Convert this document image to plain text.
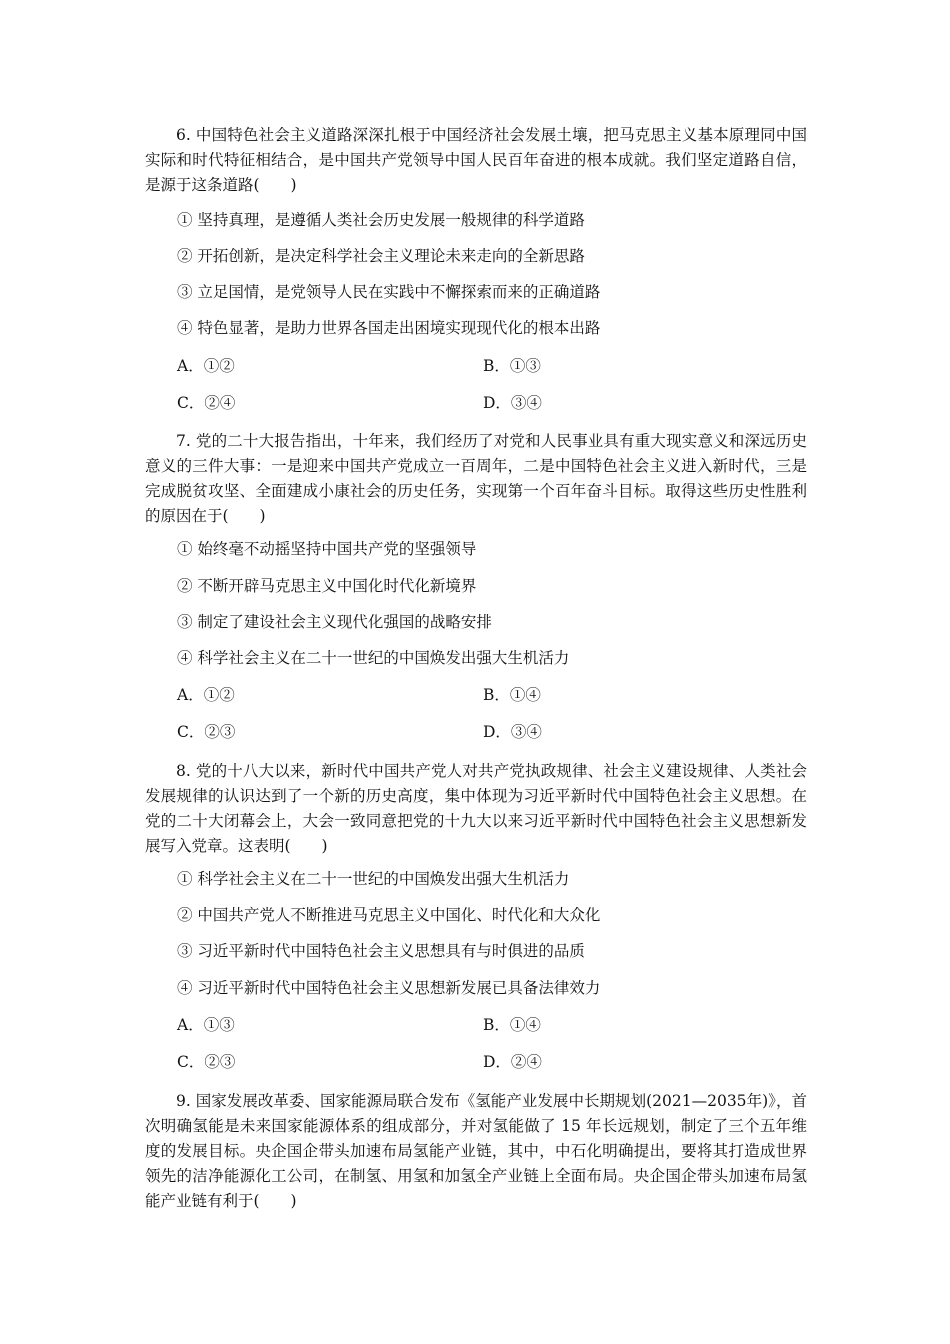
6. 中国特色社会主义道路深深扎根于中国经济社会发展土壤，把马克思主义基本原理同中国实际和时代特征相结合，是中国共产党领导中国人民百年奋进的根本成就。我们坚定道路自信，是源于这条道路(　　)

① 坚持真理，是遵循人类社会历史发展一般规律的科学道路
② 开拓创新，是决定科学社会主义理论未来走向的全新思路
③ 立足国情，是党领导人民在实践中不懈探索而来的正确道路
④ 特色显著，是助力世界各国走出困境实现现代化的根本出路
A．①②	B．①③
C．②④	D．③④

7. 党的二十大报告指出，十年来，我们经历了对党和人民事业具有重大现实意义和深远历史意义的三件大事：一是迎来中国共产党成立一百周年，二是中国特色社会主义进入新时代，三是完成脱贫攻坚、全面建成小康社会的历史任务，实现第一个百年奋斗目标。取得这些历史性胜利的原因在于(　　)

① 始终毫不动摇坚持中国共产党的坚强领导
② 不断开辟马克思主义中国化时代化新境界
③ 制定了建设社会主义现代化强国的战略安排
④ 科学社会主义在二十一世纪的中国焕发出强大生机活力
A．①②	B．①④
C．②③	D．③④

8. 党的十八大以来，新时代中国共产党人对共产党执政规律、社会主义建设规律、人类社会发展规律的认识达到了一个新的历史高度，集中体现为习近平新时代中国特色社会主义思想。在党的二十大闭幕会上，大会一致同意把党的十九大以来习近平新时代中国特色社会主义思想新发展写入党章。这表明(　　)

① 科学社会主义在二十一世纪的中国焕发出强大生机活力
② 中国共产党人不断推进马克思主义中国化、时代化和大众化
③ 习近平新时代中国特色社会主义思想具有与时俱进的品质
④ 习近平新时代中国特色社会主义思想新发展已具备法律效力
A．①③	B．①④
C．②③	D．②④

9. 国家发展改革委、国家能源局联合发布《氢能产业发展中长期规划(2021—2035年)》，首次明确氢能是未来国家能源体系的组成部分，并对氢能做了 15 年长远规划，制定了三个五年维度的发展目标。央企国企带头加速布局氢能产业链，其中，中石化明确提出，要将其打造成世界领先的洁净能源化工公司，在制氢、用氢和加氢全产业链上全面布局。央企国企带头加速布局氢能产业链有利于(　　)
